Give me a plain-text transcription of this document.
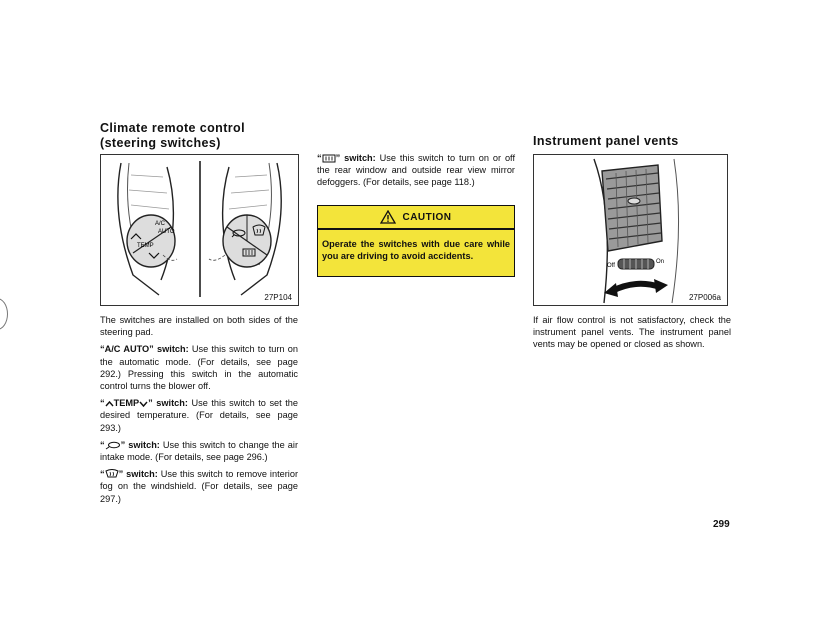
Climate remote control
(steering switches)
A/C
AUTO
TEMP
27P104

The switches are installed on both sides of the steering pad.

“A/C AUTO” switch: Use this switch to turn on the automatic mode. (For details, see page 292.) Pressing this switch in the automatic control turns the blower off.

“ TEMP ” switch: Use this switch to set the desired temperature. (For details, see page 293.)

“ ” switch: Use this switch to change the air intake mode. (For details, see page 296.)

“ ” switch: Use this switch to remove interior fog on the windshield. (For details, see page 297.)

“ ” switch: Use this switch to turn on or off the rear window and outside rear view mirror defoggers. (For details, see page 118.)

CAUTION
Operate the switches with due care while you are driving to avoid accidents.
Instrument panel vents
Off
On
27P006a

If air flow control is not satisfactory, check the instrument panel vents. The instrument panel vents may be opened or closed as shown.

299
